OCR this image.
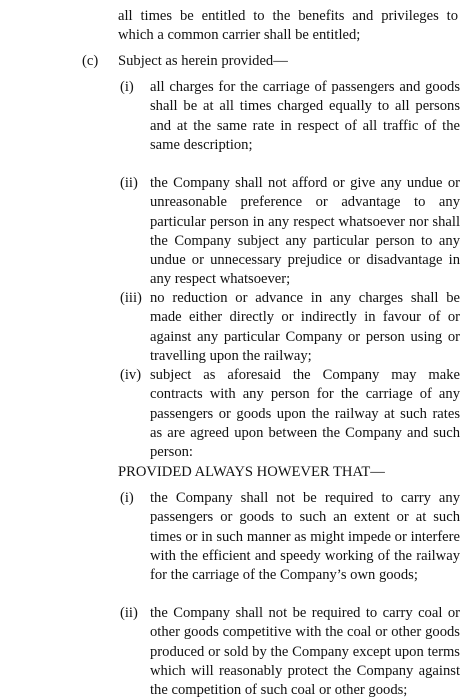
all times be entitled to the benefits and privileges to which a common carrier shall be entitled;
(c) Subject as herein provided—
(i) all charges for the carriage of passengers and goods shall be at all times charged equally to all persons and at the same rate in respect of all traffic of the same description;
(ii) the Company shall not afford or give any undue or unreasonable preference or advantage to any particular person in any respect whatsoever nor shall the Company subject any particular person to any undue or unnecessary prejudice or disadvantage in any respect whatsoever;
(iii) no reduction or advance in any charges shall be made either directly or indirectly in favour of or against any particular Company or person using or travelling upon the railway;
(iv) subject as aforesaid the Company may make contracts with any person for the carriage of any passengers or goods upon the railway at such rates as are agreed upon between the Company and such person:
PROVIDED ALWAYS HOWEVER THAT—
(i) the Company shall not be required to carry any passengers or goods to such an extent or at such times or in such manner as might impede or interfere with the efficient and speedy working of the railway for the carriage of the Company’s own goods;
(ii) the Company shall not be required to carry coal or other goods competitive with the coal or other goods produced or sold by the Company except upon terms which will reasonably protect the Company against the competition of such coal or other goods;
